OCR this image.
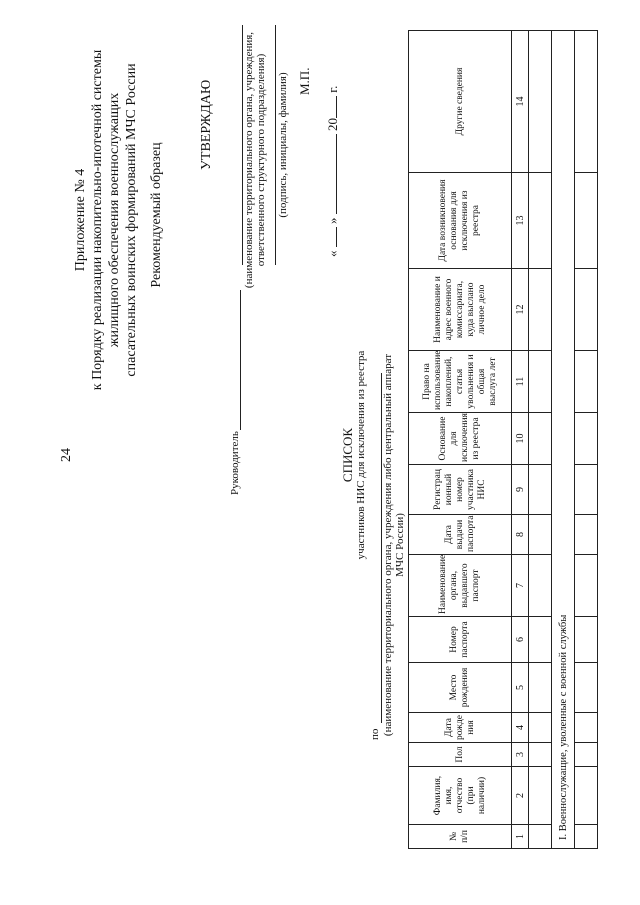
24
Приложение № 4 к Порядку реализации накопительно-ипотечной системы жилищного обеспечения военнослужащих спасательных воинских формирований МЧС России Рекомендуемый образец
УТВЕРЖДАЮ	(наименование территориального органа, учреждения, ответственного структурного подразделения) (подпись, инициалы, фамилия) М.П.
«  »  20 г.
Руководитель	СПИСОК участников НИС для исключения из реестра
по (наименование территориального органа, учреждения либо центральный аппарат МЧС России)
№ п/п	Фамилия, имя, отчество (при наличии)	Пол	Дата рожде ния	Место рождения	Номер паспорта	Наименование органа, выдавшего паспорт	Дата выдачи паспорта	Регистрац ионный номер участника НИС	Основание для исключения из реестра	Право на использование накоплений, статья увольнения и общая выслуга лет	Наименование и адрес военного комиссариата, куда выслано личное дело	Дата возникновения основания для исключения из реестра	Другие сведения
1	2	3	4	5	6	7	8	9	10	11	12	13	14

I. Военнослужащие, уволенные с военной службы													
